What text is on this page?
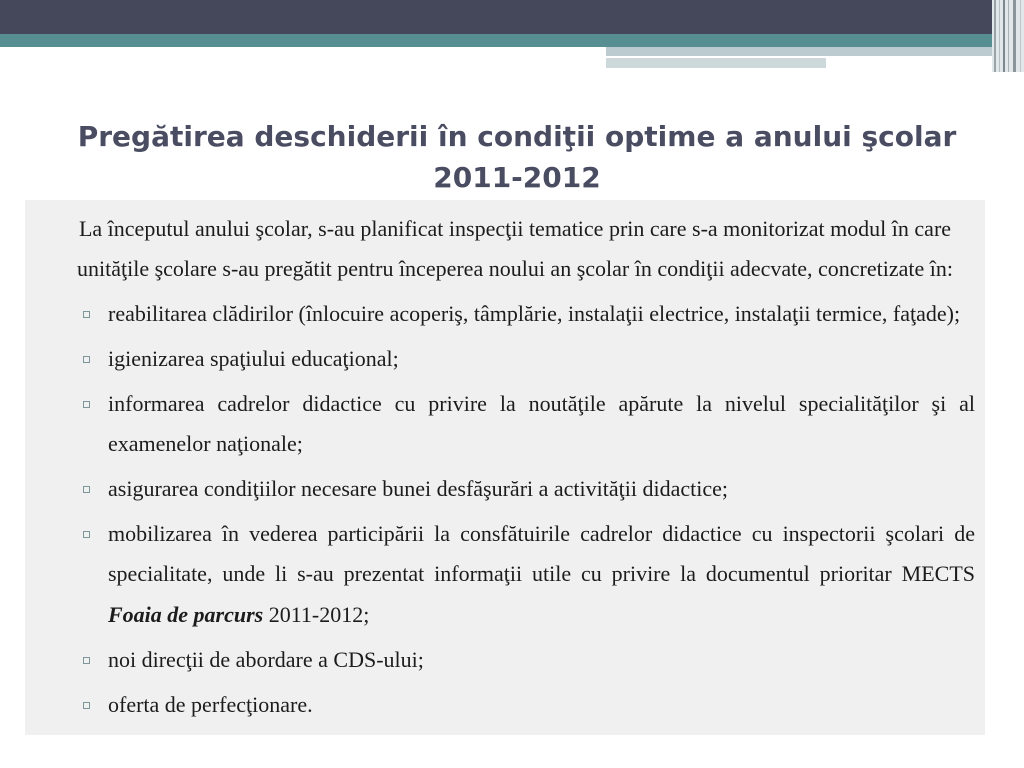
Pregătirea deschiderii în condiţii optime a anului şcolar 2011-2012

La începutul anului şcolar, s-au planificat inspecţii tematice prin care s-a monitorizat modul în care unităţile şcolare s-au pregătit pentru începerea noului an şcolar în condiţii adecvate, concretizate în:

reabilitarea clădirilor (înlocuire acoperiş, tâmplărie, instalaţii electrice, instalaţii termice, faţade);
igienizarea spaţiului educaţional;
informarea cadrelor didactice cu privire la noutăţile apărute la nivelul specialităţilor şi al examenelor naţionale;
asigurarea condiţiilor necesare bunei desfăşurări a activităţii didactice;
mobilizarea în vederea participării la consfătuirile cadrelor didactice cu inspectorii şcolari de specialitate, unde li s-au prezentat informaţii utile cu privire la documentul prioritar MECTS Foaia de parcurs 2011-2012;
noi direcţii de abordare a CDS-ului;
oferta de perfecţionare.
